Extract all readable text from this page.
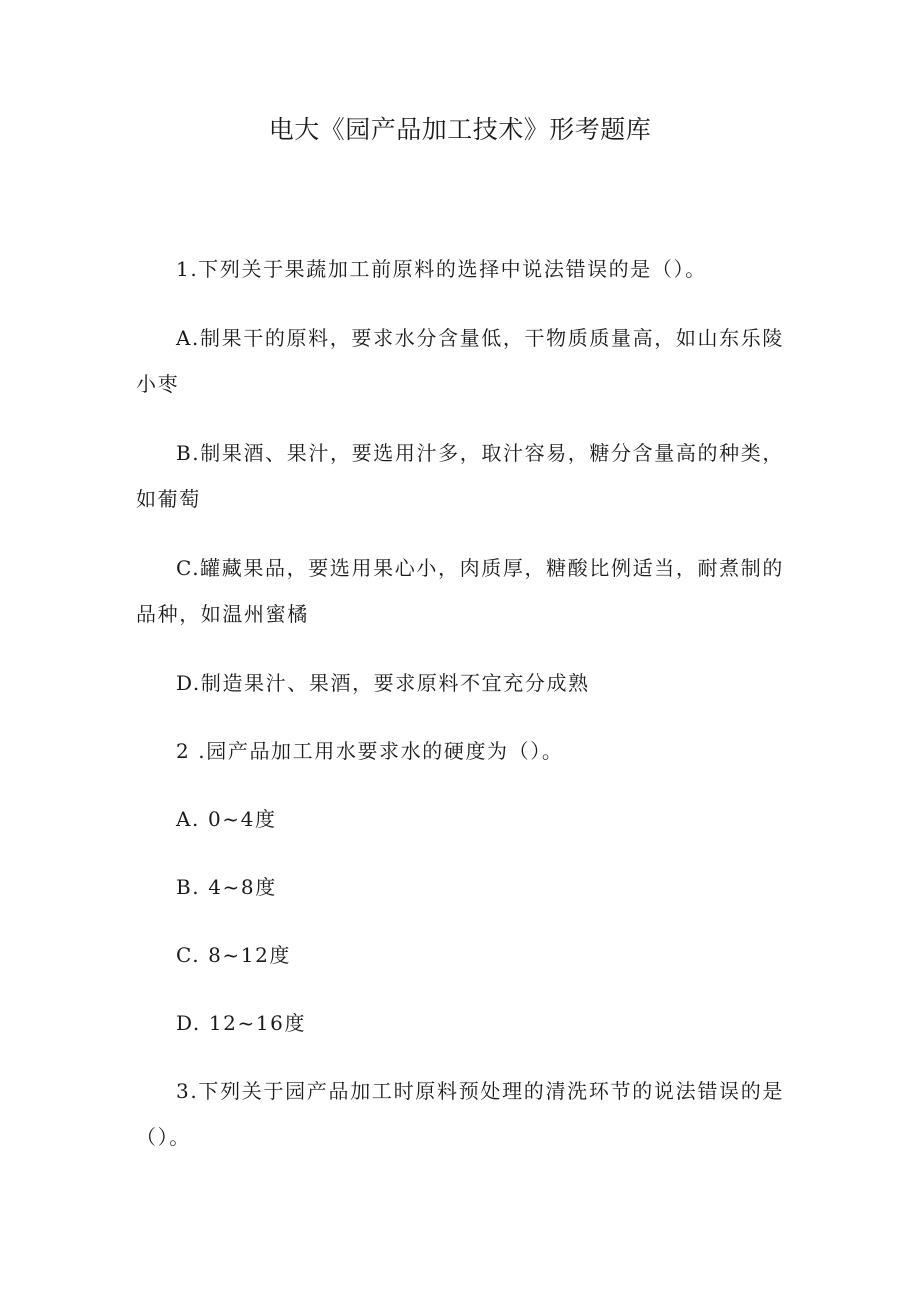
电大《园产品加工技术》形考题库

1.下列关于果蔬加工前原料的选择中说法错误的是（）。

A.制果干的原料，要求水分含量低，干物质质量高，如山东乐陵小枣

B.制果酒、果汁，要选用汁多，取汁容易，糖分含量高的种类，如葡萄

C.罐藏果品，要选用果心小，肉质厚，糖酸比例适当，耐煮制的品种，如温州蜜橘

D.制造果汁、果酒，要求原料不宜充分成熟

2 .园产品加工用水要求水的硬度为（）。

A. 0~4度

B. 4~8度

C. 8~12度

D. 12~16度

3.下列关于园产品加工时原料预处理的清洗环节的说法错误的是（）。
